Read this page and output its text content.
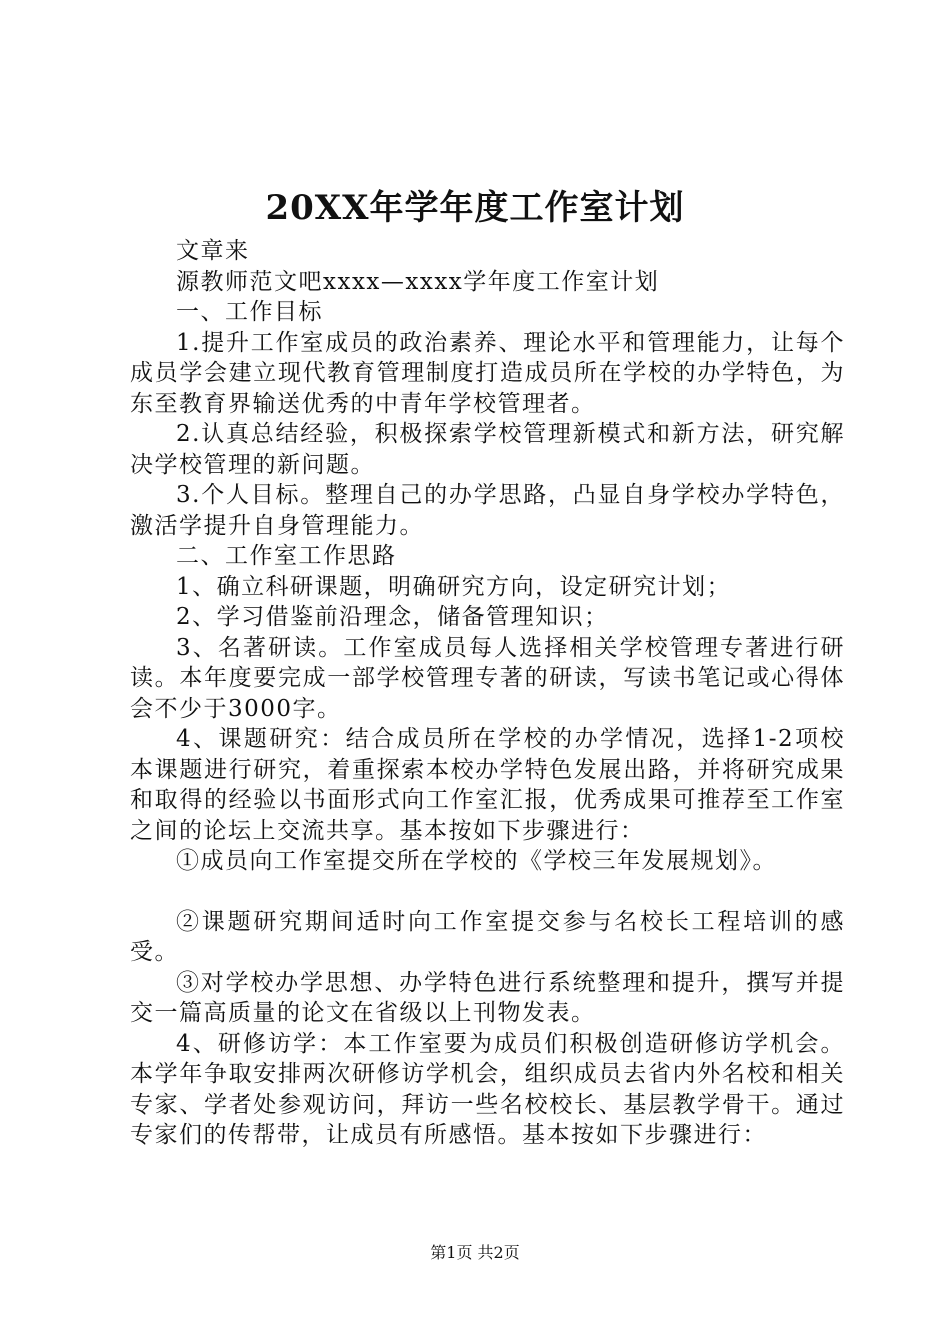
20XX年学年度工作室计划

文章来

源教师范文吧xxxx—xxxx学年度工作室计划

一、工作目标

1.提升工作室成员的政治素养、理论水平和管理能力，让每个成员学会建立现代教育管理制度打造成员所在学校的办学特色，为东至教育界输送优秀的中青年学校管理者。

2.认真总结经验，积极探索学校管理新模式和新方法，研究解决学校管理的新问题。

3.个人目标。整理自己的办学思路，凸显自身学校办学特色，激活学提升自身管理能力。

二、工作室工作思路

1、确立科研课题，明确研究方向，设定研究计划；

2、学习借鉴前沿理念，储备管理知识；

3、名著研读。工作室成员每人选择相关学校管理专著进行研读。本年度要完成一部学校管理专著的研读，写读书笔记或心得体会不少于3000字。

4、课题研究：结合成员所在学校的办学情况，选择1-2项校本课题进行研究，着重探索本校办学特色发展出路，并将研究成果和取得的经验以书面形式向工作室汇报，优秀成果可推荐至工作室之间的论坛上交流共享。基本按如下步骤进行：

①成员向工作室提交所在学校的《学校三年发展规划》。

②课题研究期间适时向工作室提交参与名校长工程培训的感受。

③对学校办学思想、办学特色进行系统整理和提升，撰写并提交一篇高质量的论文在省级以上刊物发表。

4、研修访学：本工作室要为成员们积极创造研修访学机会。本学年争取安排两次研修访学机会，组织成员去省内外名校和相关专家、学者处参观访问，拜访一些名校校长、基层教学骨干。通过专家们的传帮带，让成员有所感悟。基本按如下步骤进行：

第1页 共2页
